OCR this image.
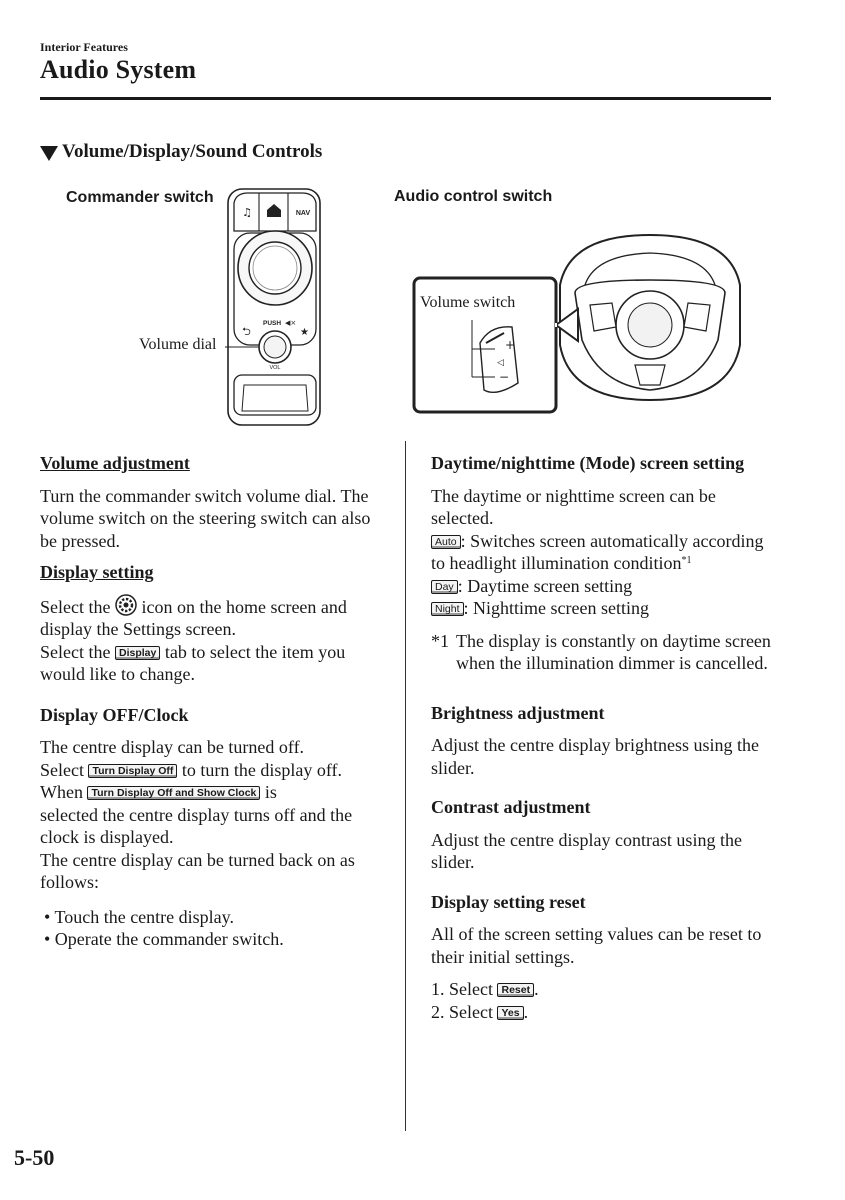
Interior Features
Audio System
Volume/Display/Sound Controls
Commander switch	Audio control switch
♫	NAV
⮌
PUSH ◀×
★
VOL
Volume dial	+
◁
−
Volume switch

Volume adjustment

Turn the commander switch volume dial. The volume switch on the steering switch can also be pressed.

Display setting

Select the icon on the home screen and display the Settings screen.

Select the Display tab to select the item you would like to change.

Display OFF/Clock

The centre display can be turned off.

Select Turn Display Off to turn the display off.

When Turn Display Off and Show Clock is

selected the centre display turns off and the clock is displayed.

The centre display can be turned back on as follows:

• Touch the centre display.

• Operate the commander switch.

Daytime/nighttime (Mode) screen setting

The daytime or nighttime screen can be selected.

Auto : Switches screen automatically according to headlight illumination condition$^{*1}$

Day : Daytime screen setting

Night : Nighttime screen setting

*1 The display is constantly on daytime screen when the illumination dimmer is cancelled.

Brightness adjustment

Adjust the centre display brightness using the slider.

Contrast adjustment

Adjust the centre display contrast using the slider.

Display setting reset

All of the screen setting values can be reset to their initial settings.

1. Select Reset .

2. Select Yes .

5-50
